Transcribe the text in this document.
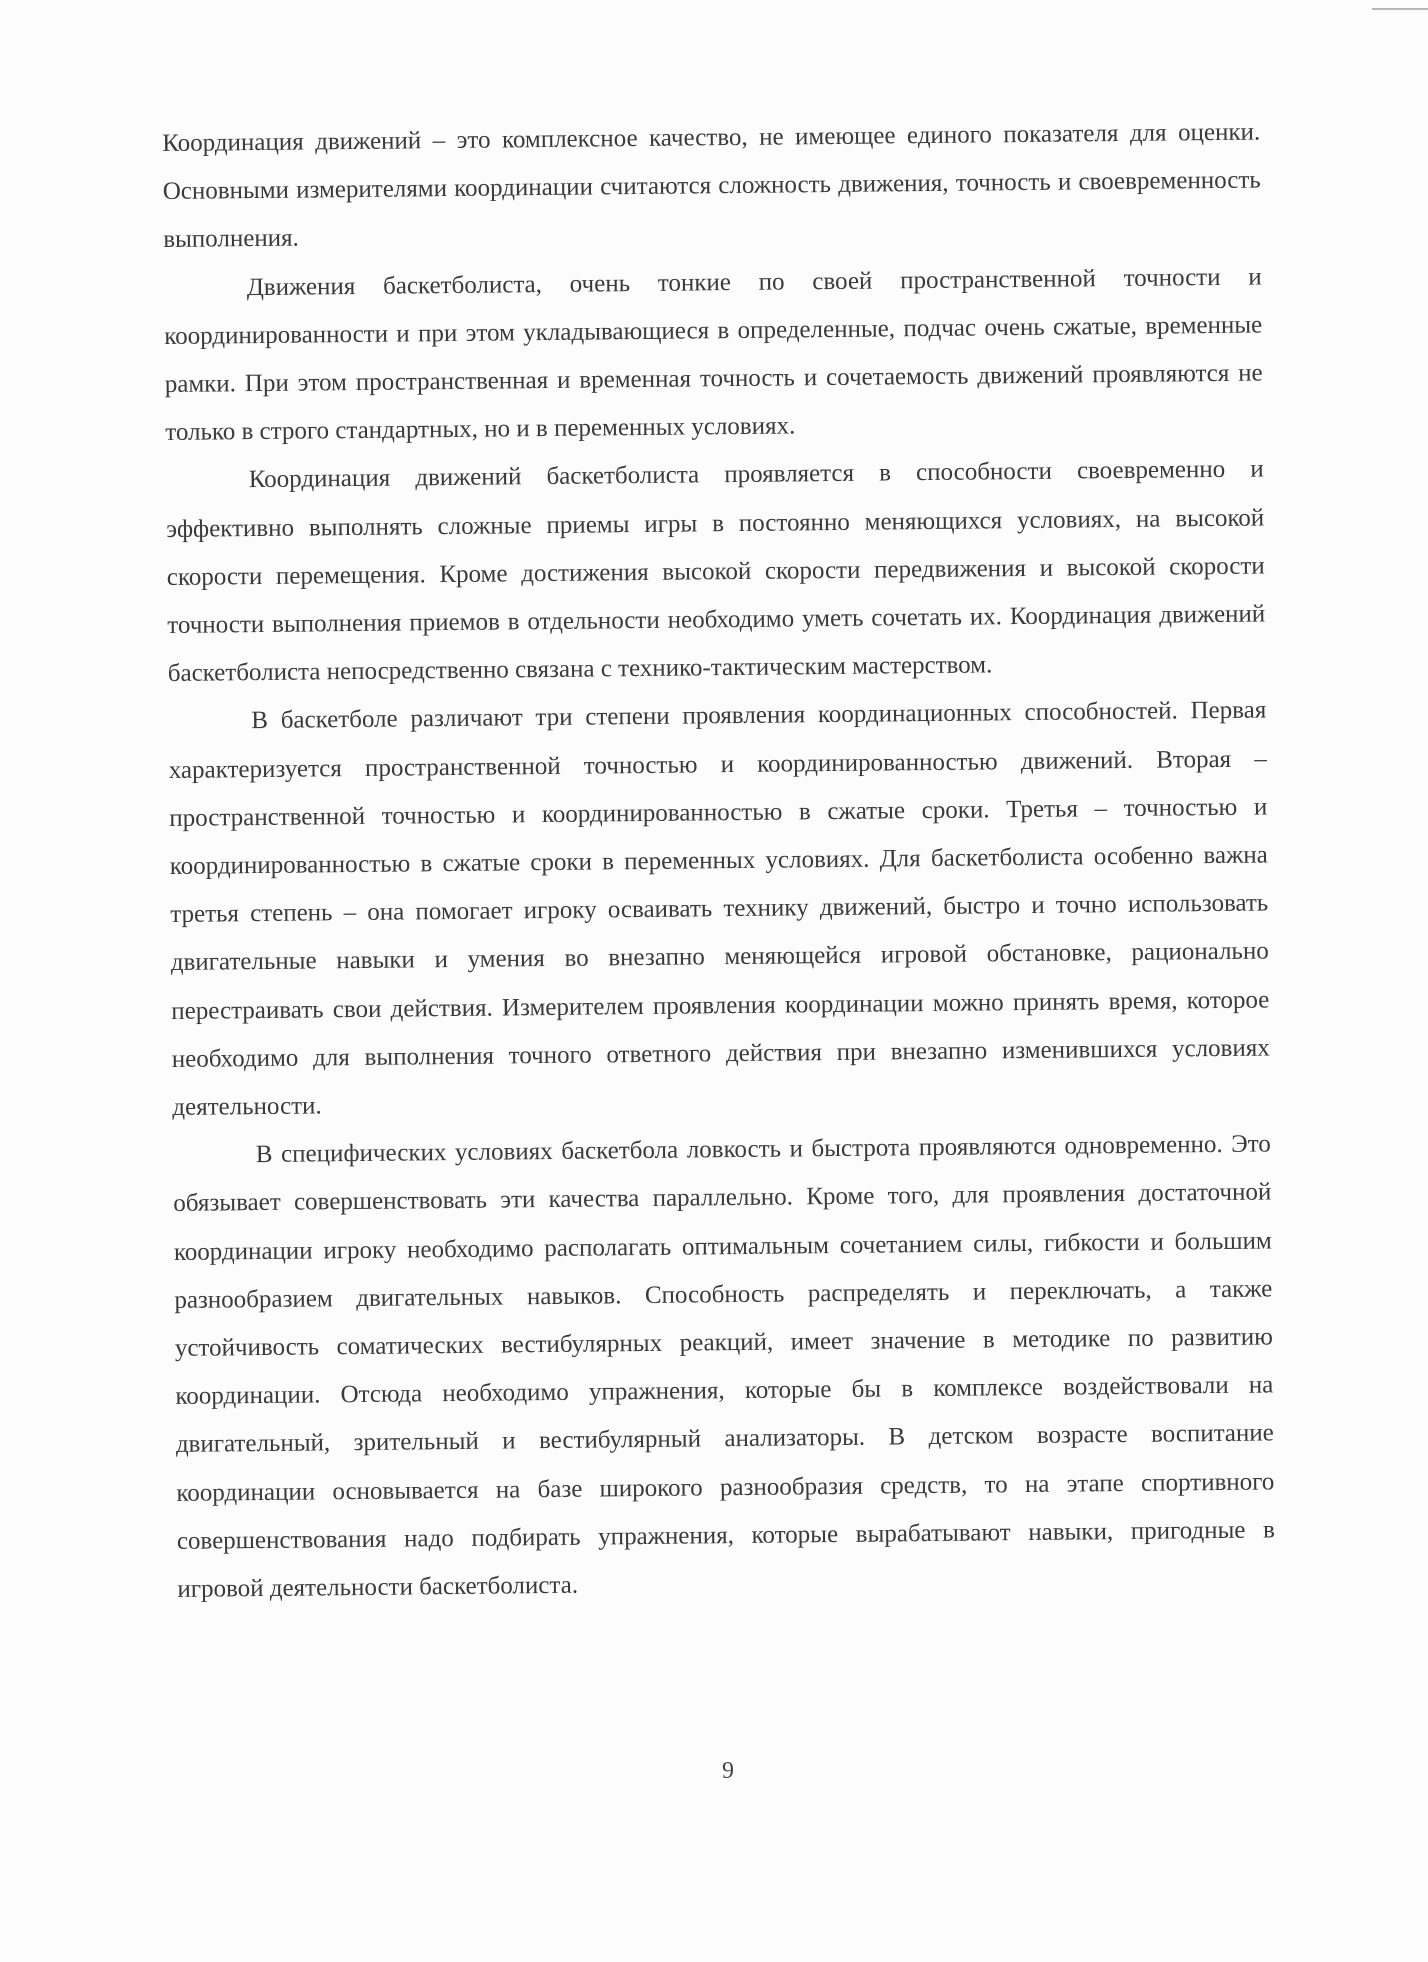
Координация движений – это комплексное качество, не имеющее единого показателя для оценки. Основными измерителями координации считаются сложность движения, точность и своевременность выполнения.

Движения баскетболиста, очень тонкие по своей пространственной точности и координированности и при этом укладывающиеся в определенные, подчас очень сжатые, временные рамки. При этом пространственная и временная точность и сочетаемость движений проявляются не только в строго стандартных, но и в переменных условиях.

Координация движений баскетболиста проявляется в способности своевременно и эффективно выполнять сложные приемы игры в постоянно меняющихся условиях, на высокой скорости перемещения. Кроме достижения высокой скорости передвижения и высокой скорости точности выполнения приемов в отдельности необходимо уметь сочетать их. Координация движений баскетболиста непосредственно связана с технико-тактическим мастерством.

В баскетболе различают три степени проявления координационных способностей. Первая характеризуется пространственной точностью и координированностью движений. Вторая – пространственной точностью и координированностью в сжатые сроки. Третья – точностью и координированностью в сжатые сроки в переменных условиях. Для баскетболиста особенно важна третья степень – она помогает игроку осваивать технику движений, быстро и точно использовать двигательные навыки и умения во внезапно меняющейся игровой обстановке, рационально перестраивать свои действия. Измерителем проявления координации можно принять время, которое необходимо для выполнения точного ответного действия при внезапно изменившихся условиях деятельности.

В специфических условиях баскетбола ловкость и быстрота проявляются одновременно. Это обязывает совершенствовать эти качества параллельно. Кроме того, для проявления достаточной координации игроку необходимо располагать оптимальным сочетанием силы, гибкости и большим разнообразием двигательных навыков. Способность распределять и переключать, а также устойчивость соматических вестибулярных реакций, имеет значение в методике по развитию координации. Отсюда необходимо упражнения, которые бы в комплексе воздействовали на двигательный, зрительный и вестибулярный анализаторы. В детском возрасте воспитание координации основывается на базе широкого разнообразия средств, то на этапе спортивного совершенствования надо подбирать упражнения, которые вырабатывают навыки, пригодные в игровой деятельности баскетболиста.

9
